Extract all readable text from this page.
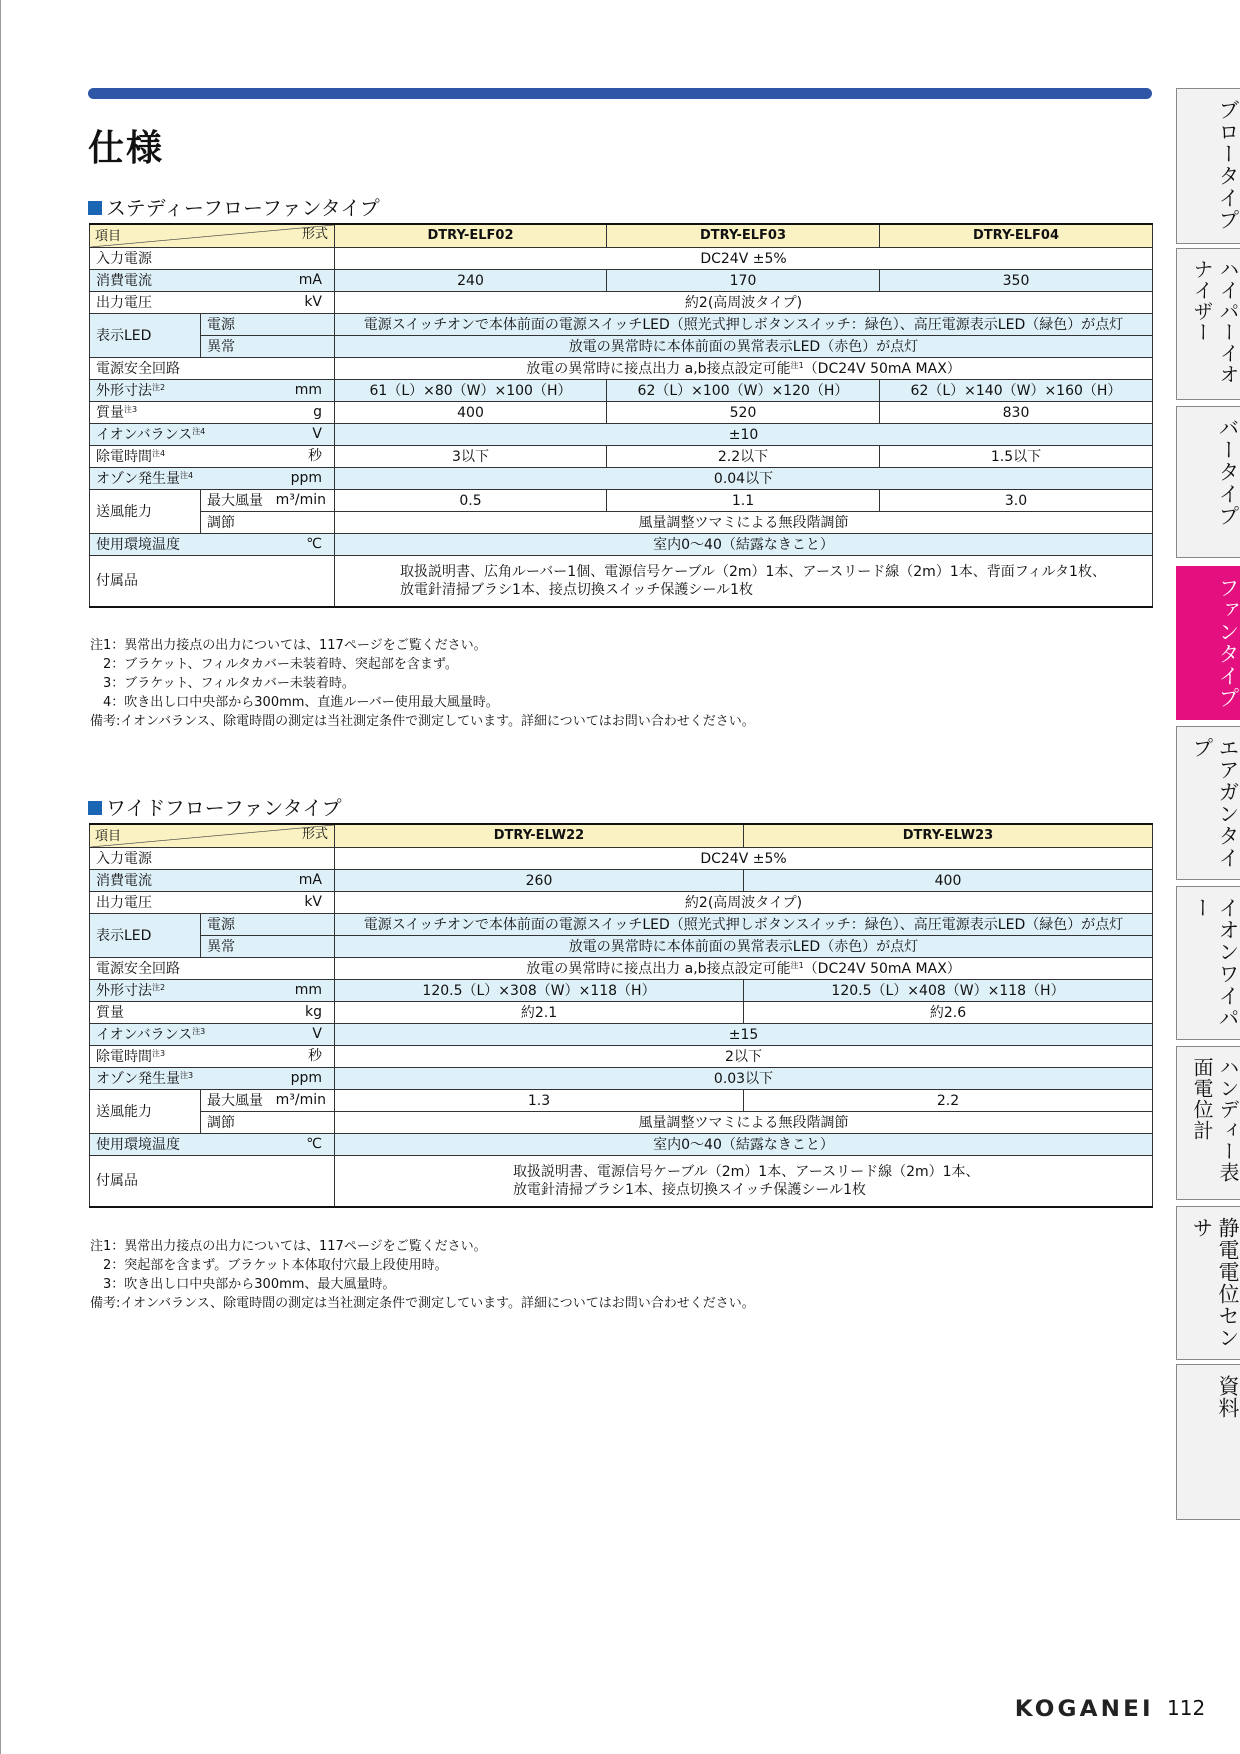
仕様
ステディーフローファンタイプ
形式
項目		DTRY-ELF02	DTRY-ELF03	DTRY-ELF04
入力電源		DC24V ±5%		
消費電流 mA		240	170	350
出力電圧 kV		約2(高周波タイプ)		
表示LED	電源	電源スイッチオンで本体前面の電源スイッチLED（照光式押しボタンスイッチ：緑色）、高圧電源表示LED（緑色）が点灯		
	異常	放電の異常時に本体前面の異常表示LED（赤色）が点灯		
電源安全回路		放電の異常時に接点出力 a,b接点設定可能$^{注1}$（DC24V 50mA MAX）		
外形寸法$^{注2}$ mm		61（L）×80（W）×100（H）	62（L）×100（W）×120（H）	62（L）×140（W）×160（H）
質量$^{注3}$ g		400	520	830
イオンバランス$^{注4}$ V		±10		
除電時間$^{注4}$ 秒		3以下	2.2以下	1.5以下
オゾン発生量$^{注4}$ ppm		0.04以下		
送風能力	最大風量 m³/min	0.5	1.1	3.0
	調節	風量調整ツマミによる無段階調節		
使用環境温度 ℃		室内0～40（結露なきこと）		
付属品		取扱説明書、広角ルーバー1個、電源信号ケーブル（2m）1本、アースリード線（2m）1本、背面フィルタ1枚、
放電針清掃ブラシ1本、接点切換スイッチ保護シール1枚		
注1：異常出力接点の出力については、117ページをご覧ください。
　2：ブラケット、フィルタカバー未装着時、突起部を含まず。
　3：ブラケット、フィルタカバー未装着時。
　4：吹き出し口中央部から300mm、直進ルーバー使用最大風量時。
備考:イオンバランス、除電時間の測定は当社測定条件で測定しています。詳細についてはお問い合わせください。
ワイドフローファンタイプ
形式
項目		DTRY-ELW22	DTRY-ELW23
入力電源		DC24V ±5%	
消費電流 mA		260	400
出力電圧 kV		約2(高周波タイプ)	
表示LED	電源	電源スイッチオンで本体前面の電源スイッチLED（照光式押しボタンスイッチ：緑色）、高圧電源表示LED（緑色）が点灯	
	異常	放電の異常時に本体前面の異常表示LED（赤色）が点灯	
電源安全回路		放電の異常時に接点出力 a,b接点設定可能$^{注1}$（DC24V 50mA MAX）	
外形寸法$^{注2}$ mm		120.5（L）×308（W）×118（H）	120.5（L）×408（W）×118（H）
質量 kg		約2.1	約2.6
イオンバランス$^{注3}$ V		±15	
除電時間$^{注3}$ 秒		2以下	
オゾン発生量$^{注3}$ ppm		0.03以下	
送風能力	最大風量 m³/min	1.3	2.2
	調節	風量調整ツマミによる無段階調節	
使用環境温度 ℃		室内0～40（結露なきこと）	
付属品		取扱説明書、電源信号ケーブル（2m）1本、アースリード線（2m）1本、
放電針清掃ブラシ1本、接点切換スイッチ保護シール1枚	
注1：異常出力接点の出力については、117ページをご覧ください。
　2：突起部を含まず。ブラケット本体取付穴最上段使用時。
　3：吹き出し口中央部から300mm、最大風量時。
備考:イオンバランス、除電時間の測定は当社測定条件で測定しています。詳細についてはお問い合わせください。
ブロータイプ
ハイパーイオナイザー
バータイプ
ファンタイプ
エアガンタイプ
イオンワイパー
ハンディー表面電位計
静電電位センサ
資料
KOGANEI 112
